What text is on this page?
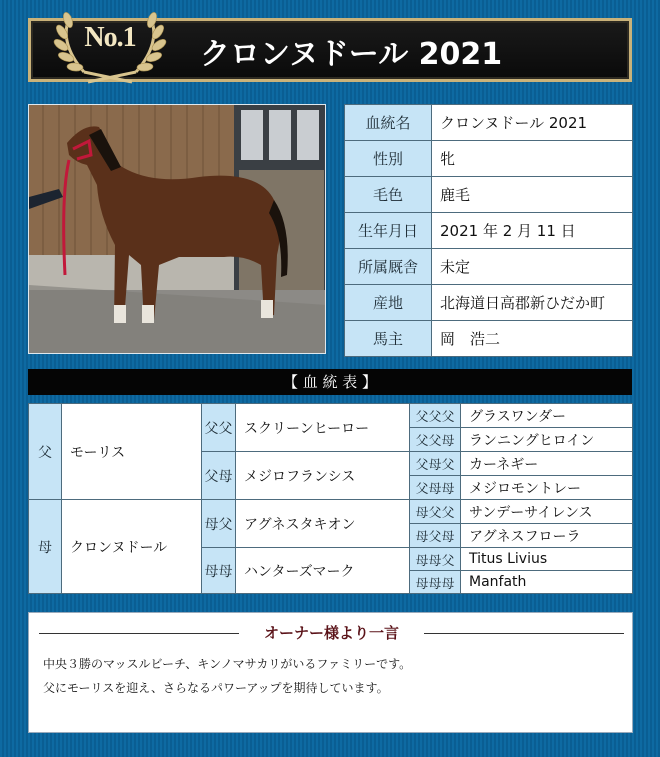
No.1	クロンヌドール 2021
血統名	クロンヌドール 2021
性別	牝
毛色	鹿毛
生年月日	2021 年 2 月 11 日
所属厩舎	未定
産地	北海道日高郡新ひだか町
馬主	岡　浩二
【 血 統 表 】
父	モーリス	父父	スクリーンヒーロー	父父父	グラスワンダー
				父父母	ランニングヒロイン
		父母	メジロフランシス	父母父	カーネギー
				父母母	メジロモントレー
母	クロンヌドール	母父	アグネスタキオン	母父父	サンデーサイレンス
				母父母	アグネスフローラ
		母母	ハンターズマーク	母母父	Titus Livius
				母母母	Manfath
オーナー様より一言
中央３勝のマッスルビーチ、キンノマサカリがいるファミリーです。
父にモーリスを迎え、さらなるパワーアップを期待しています。
